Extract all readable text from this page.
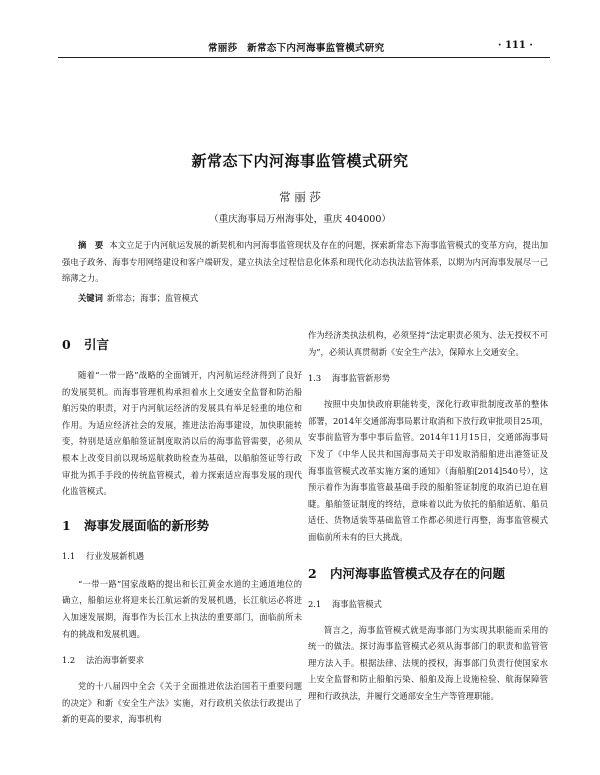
常丽莎　新常态下内河海事监管模式研究	· 111 ·
新常态下内河海事监管模式研究
常 丽 莎
（重庆海事局万州海事处，重庆 404000）
摘　要 本文立足于内河航运发展的新契机和内河海事监管现状及存在的问题，探索新常态下海事监管模式的变革方向，提出加强电子政务、海事专用网络建设和客户端研发，建立执法全过程信息化体系和现代化动态执法监管体系，以期为内河海事发展尽一己绵薄之力。
关键词 新常态；海事；监管模式

0 引言

随着“一带一路”战略的全面铺开，内河航运经济得到了良好的发展契机。而海事管理机构承担着水上交通安全监督和防治船舶污染的职责，对于内河航运经济的发展具有举足轻重的地位和作用。为适应经济社会的发展，推进法治海事建设，加快职能转变，特别是适应船舶签证制度取消以后的海事监管需要，必须从根本上改变目前以现场巡航救助检查为基础，以船舶签证等行政审批为抓手手段的传统监管模式，着力探索适应海事发展的现代化监管模式。

1 海事发展面临的新形势

1.1 行业发展新机遇

“一带一路”国家战略的提出和长江黄金水道的主通道地位的确立，船舶运业将迎来长江航运新的发展机遇，长江航运必将进入加速发展期，海事作为长江水上执法的重要部门，面临前所未有的挑战和发展机遇。

1.2 法治海事新要求

党的十八届四中全会《关于全面推进依法治国若干重要问题的决定》和新《安全生产法》实施，对行政机关依法行政提出了新的更高的要求，海事机构

作为经济类执法机构，必须坚持“法定职责必须为、法无授权不可为”，必须认真贯彻新《安全生产法》，保障水上交通安全。

1.3 海事监管新形势

按照中央加快政府职能转变，深化行政审批制度改革的整体部署，2014年交通部海事局累计取消和下放行政审批项目25项，安事前监管为事中事后监管。2014年11月15日，交通部海事局下发了《中华人民共和国海事局关于印发取消船舶进出港签证及海事监管模式改革实施方案的通知》（海船舶[2014]540号），这预示着作为海事监管最基础手段的船舶签证制度的取消已迫在眉睫。船舶签证制度的终结，意味着以此为依托的船舶适航、船员适任、货物适装等基础监管工作都必须进行再整，海事监管模式面临前所未有的巨大挑战。

2 内河海事监管模式及存在的问题

2.1 海事监管模式

简言之，海事监管模式就是海事部门为实现其职能而采用的统一的做法。探讨海事监管模式必须从海事部门的职责和监管管理方法入手。根据法律、法规的授权，海事部门负责行使国家水上安全监督和防止船舶污染、船舶及海上设施检验、航海保障管理和行政执法，并履行交通部安全生产等管理职能。
